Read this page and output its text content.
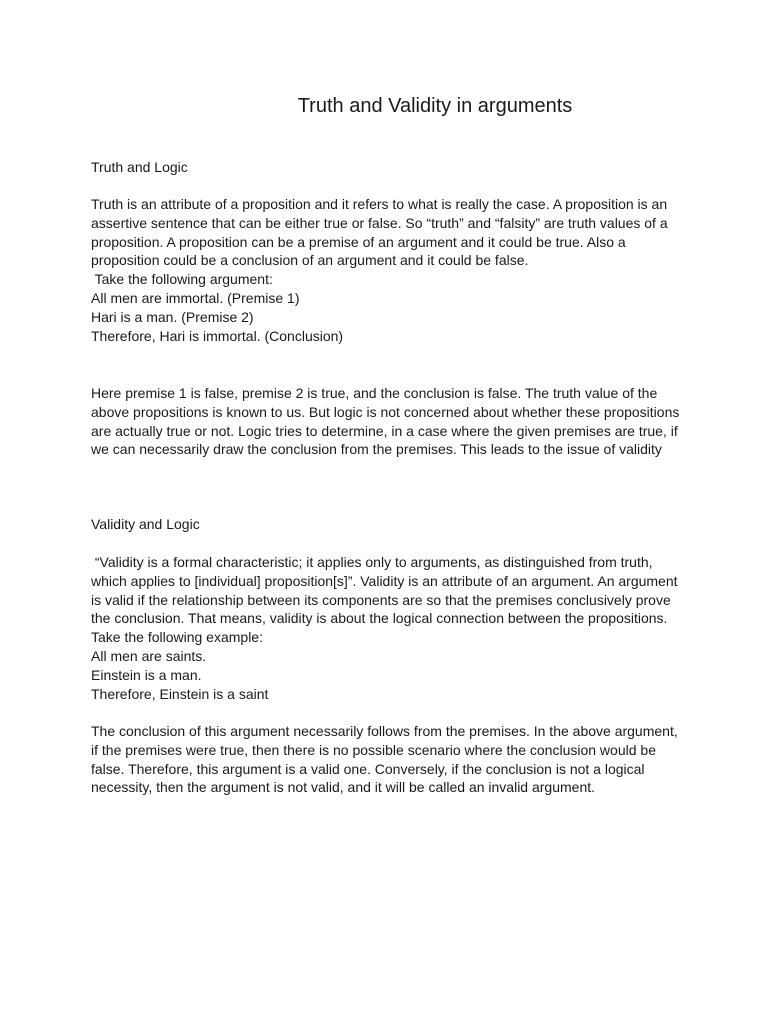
Truth and Validity in arguments
Truth and Logic
Truth is an attribute of a proposition and it refers to what is really the case. A proposition is an
assertive sentence that can be either true or false. So “truth” and “falsity” are truth values of a
proposition. A proposition can be a premise of an argument and it could be true. Also a
proposition could be a conclusion of an argument and it could be false.
Take the following argument:
All men are immortal. (Premise 1)
Hari is a man. (Premise 2)
Therefore, Hari is immortal. (Conclusion)
Here premise 1 is false, premise 2 is true, and the conclusion is false. The truth value of the
above propositions is known to us. But logic is not concerned about whether these propositions
are actually true or not. Logic tries to determine, in a case where the given premises are true, if
we can necessarily draw the conclusion from the premises. This leads to the issue of validity
Validity and Logic
“Validity is a formal characteristic; it applies only to arguments, as distinguished from truth,
which applies to [individual] proposition[s]”. Validity is an attribute of an argument. An argument
is valid if the relationship between its components are so that the premises conclusively prove
the conclusion. That means, validity is about the logical connection between the propositions.
Take the following example:
All men are saints.
Einstein is a man.
Therefore, Einstein is a saint
The conclusion of this argument necessarily follows from the premises. In the above argument,
if the premises were true, then there is no possible scenario where the conclusion would be
false. Therefore, this argument is a valid one. Conversely, if the conclusion is not a logical
necessity, then the argument is not valid, and it will be called an invalid argument.
